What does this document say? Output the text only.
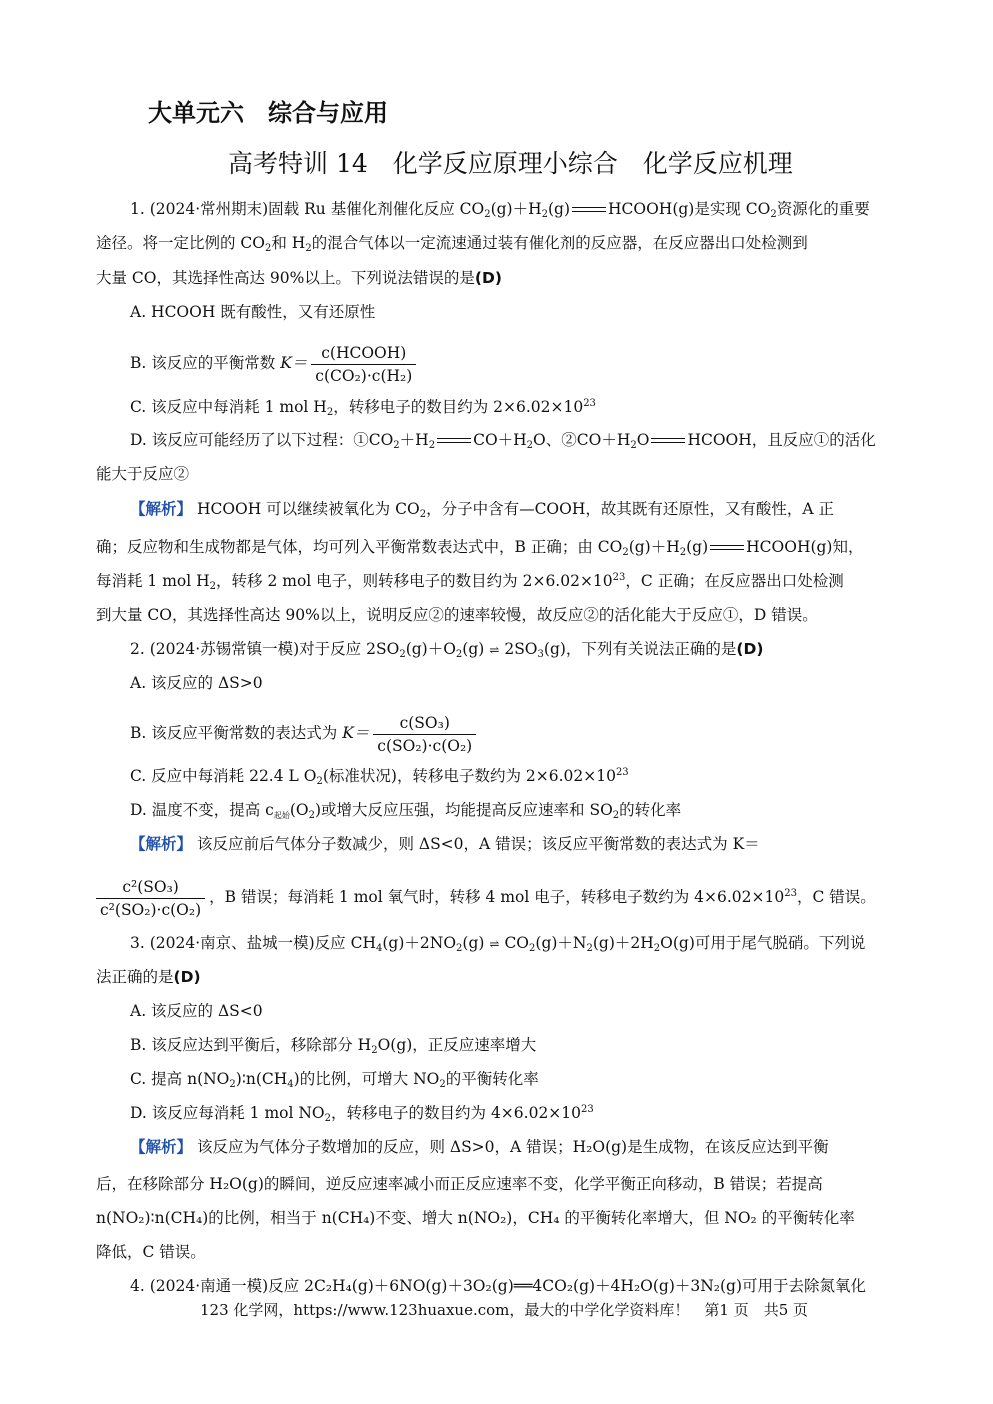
大单元六　综合与应用
高考特训 14　化学反应原理小综合　化学反应机理
1. (2024·常州期末)固载 Ru 基催化剂催化反应 $CO_2(g)+H_2(g)$ HCOOH(g)是实现 $CO_2$资源化的重要
途径。将一定比例的 $CO_2$和 $H_2$的混合气体以一定流速通过装有催化剂的反应器，在反应器出口处检测到
大量 CO，其选择性高达 90%以上。下列说法错误的是(D)
A. HCOOH 既有酸性，又有还原性
B. 该反应的平衡常数 $K= \frac{\text{c(HCOOH)}}{\text{c(CO₂)·c(H₂)}}$
C. 该反应中每消耗 1 mol $H_2$，转移电子的数目约为 $2\times 6.02\times 10^{23}$
D. 该反应可能经历了以下过程：$①CO_2+H_2$ $CO+H_2O$、$②CO+H_2O$ HCOOH，且反应①的活化
能大于反应②
【解析】 HCOOH 可以继续被氧化为 $CO_2$，分子中含有—COOH，故其既有还原性，又有酸性，A 正
确；反应物和生成物都是气体，均可列入平衡常数表达式中，B 正确；由 $CO_2(g)+H_2(g)$ HCOOH(g)知，
每消耗 1 mol $H_2$，转移 2 mol 电子，则转移电子的数目约为 $2\times 6.02\times 10^{23}$，C 正确；在反应器出口处检测
到大量 CO，其选择性高达 90%以上，说明反应②的速率较慢，故反应②的活化能大于反应①，D 错误。
2. (2024·苏锡常镇一模)对于反应 $2SO_2(g)+O_2(g)$ ⇌ $2SO_3(g)$，下列有关说法正确的是(D)
A. 该反应的 ΔS>0
B. 该反应平衡常数的表达式为 $K= \frac{\text{c(SO₃)}}{\text{c(SO₂)·c(O₂)}}$
C. 反应中每消耗 22.4 L $O_2$(标准状况)，转移电子数约为 $2\times 6.02\times 10^{23}$
D. 温度不变，提高 $c_{起始}(O_2)$或增大反应压强，均能提高反应速率和 $SO_2$的转化率
【解析】 该反应前后气体分子数减少，则 ΔS<0，A 错误；该反应平衡常数的表达式为 K＝
$\frac{\text{c²(SO₃)}}{\text{c²(SO₂)·c(O₂)}}$ ，B 错误；每消耗 1 mol 氧气时，转移 4 mol 电子，转移电子数约为 $4\times 6.02\times 10^{23}$，C 错误。
3. (2024·南京、盐城一模)反应 $CH_4(g)+2NO_2(g)$ ⇌ $CO_2(g)+N_2(g)+2H_2O(g)$可用于尾气脱硝。下列说
法正确的是(D)
A. 该反应的 ΔS<0
B. 该反应达到平衡后，移除部分 $H_2O(g)$，正反应速率增大
C. 提高 $n(NO_2)∶n(CH_4)$的比例，可增大 $NO_2$的平衡转化率
D. 该反应每消耗 1 mol $NO_2$，转移电子的数目约为 $4\times 6.02\times 10^{23}$
【解析】 该反应为气体分子数增加的反应，则 ΔS>0，A 错误；H₂O(g)是生成物，在该反应达到平衡
后，在移除部分 H₂O(g)的瞬间，逆反应速率减小而正反应速率不变，化学平衡正向移动，B 错误；若提高
n(NO₂)∶n(CH₄)的比例，相当于 n(CH₄)不变、增大 n(NO₂)，CH₄ 的平衡转化率增大，但 NO₂ 的平衡转化率
降低，C 错误。
4. (2024·南通一模)反应 2C₂H₄(g)＋6NO(g)＋3O₂(g)══4CO₂(g)＋4H₂O(g)＋3N₂(g)可用于去除氮氧化
123 化学网，https://www.123huaxue.com，最大的中学化学资料库！　第1 页　共5 页
